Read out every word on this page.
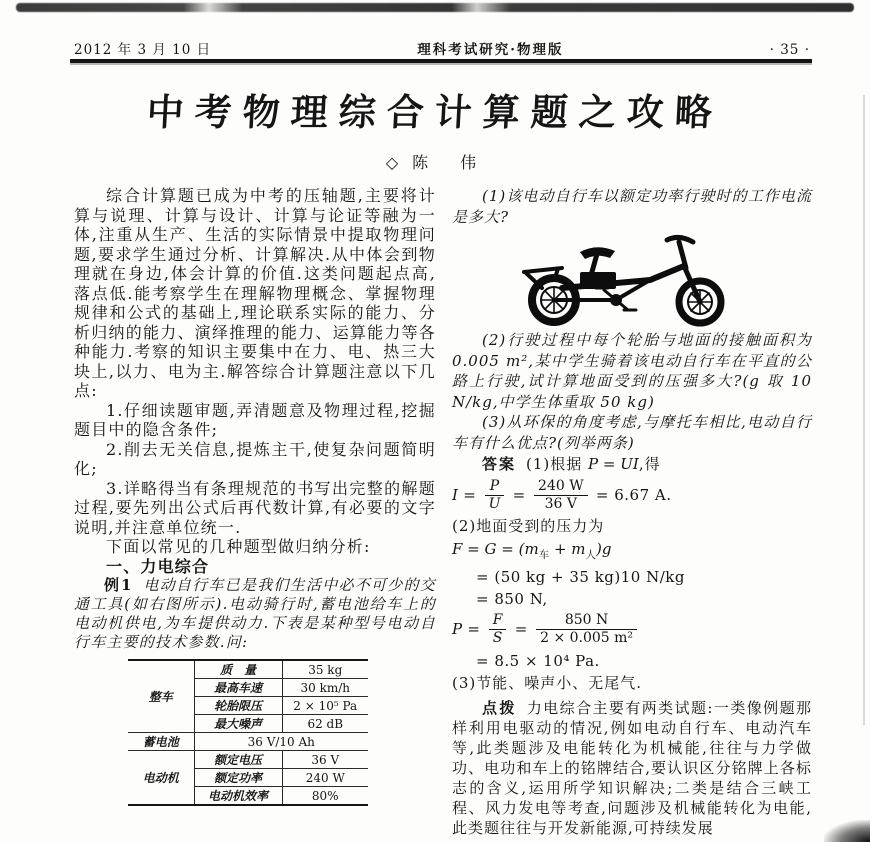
2012 年 3 月 10 日	理科考试研究·物理版	· 35 ·
中考物理综合计算题之攻略
◇ 陈　伟

综合计算题已成为中考的压轴题,主要将计算与说理、计算与设计、计算与论证等融为一体,注重从生产、生活的实际情景中提取物理问题,要求学生通过分析、计算解决.从中体会到物理就在身边,体会计算的价值.这类问题起点高,落点低.能考察学生在理解物理概念、掌握物理规律和公式的基础上,理论联系实际的能力、分析归纳的能力、演绎推理的能力、运算能力等各种能力.考察的知识主要集中在力、电、热三大块上,以力、电为主.解答综合计算题注意以下几点:

1.仔细读题审题,弄清题意及物理过程,挖掘题目中的隐含条件;

2.削去无关信息,提炼主干,使复杂问题简明化;

3.详略得当有条理规范的书写出完整的解题过程,要先列出公式后再代数计算,有必要的文字说明,并注意单位统一.

下面以常见的几种题型做归纳分析:

一、力电综合

例1 电动自行车已是我们生活中必不可少的交通工具(如右图所示).电动骑行时,蓄电池给车上的电动机供电,为车提供动力.下表是某种型号电动自行车主要的技术参数.问:

整车	质　量	35 kg
	最高车速	30 km/h
	轮胎限压	2 × 10⁵ Pa
	最大噪声	62 dB
蓄电池	36 V/10 Ah	
电动机	额定电压	36 V
	额定功率	240 W
	电动机效率	80%

(1)该电动自行车以额定功率行驶时的工作电流是多大?

(2)行驶过程中每个轮胎与地面的接触面积为 0.005 m²,某中学生骑着该电动自行车在平直的公路上行驶,试计算地面受到的压强多大?(g 取 10 N/kg,中学生体重取 50 kg)

(3)从环保的角度考虑,与摩托车相比,电动自行车有什么优点?(列举两条)

答案 (1)根据 P = UI,得

$I = \frac{P}{U} = \frac{240 W}{36 V} = 6.67$ A.

(2)地面受到的压力为

$F = G = (m_车 + m_人)g$
= (50 kg + 35 kg)10 N/kg
= 850 N,
$P = \frac{F}{S} = \frac{850 N}{\text{2 × 0.005 m²}}$
= 8.5 × 10⁴ Pa.

(3)节能、噪声小、无尾气.

点拨 力电综合主要有两类试题:一类像例题那样利用电驱动的情况,例如电动自行车、电动汽车等,此类题涉及电能转化为机械能,往往与力学做功、电功和车上的铭牌结合,要认识区分铭牌上各标志的含义,运用所学知识解决;二类是结合三峡工程、风力发电等考查,问题涉及机械能转化为电能,此类题往往与开发新能源,可持续发展
